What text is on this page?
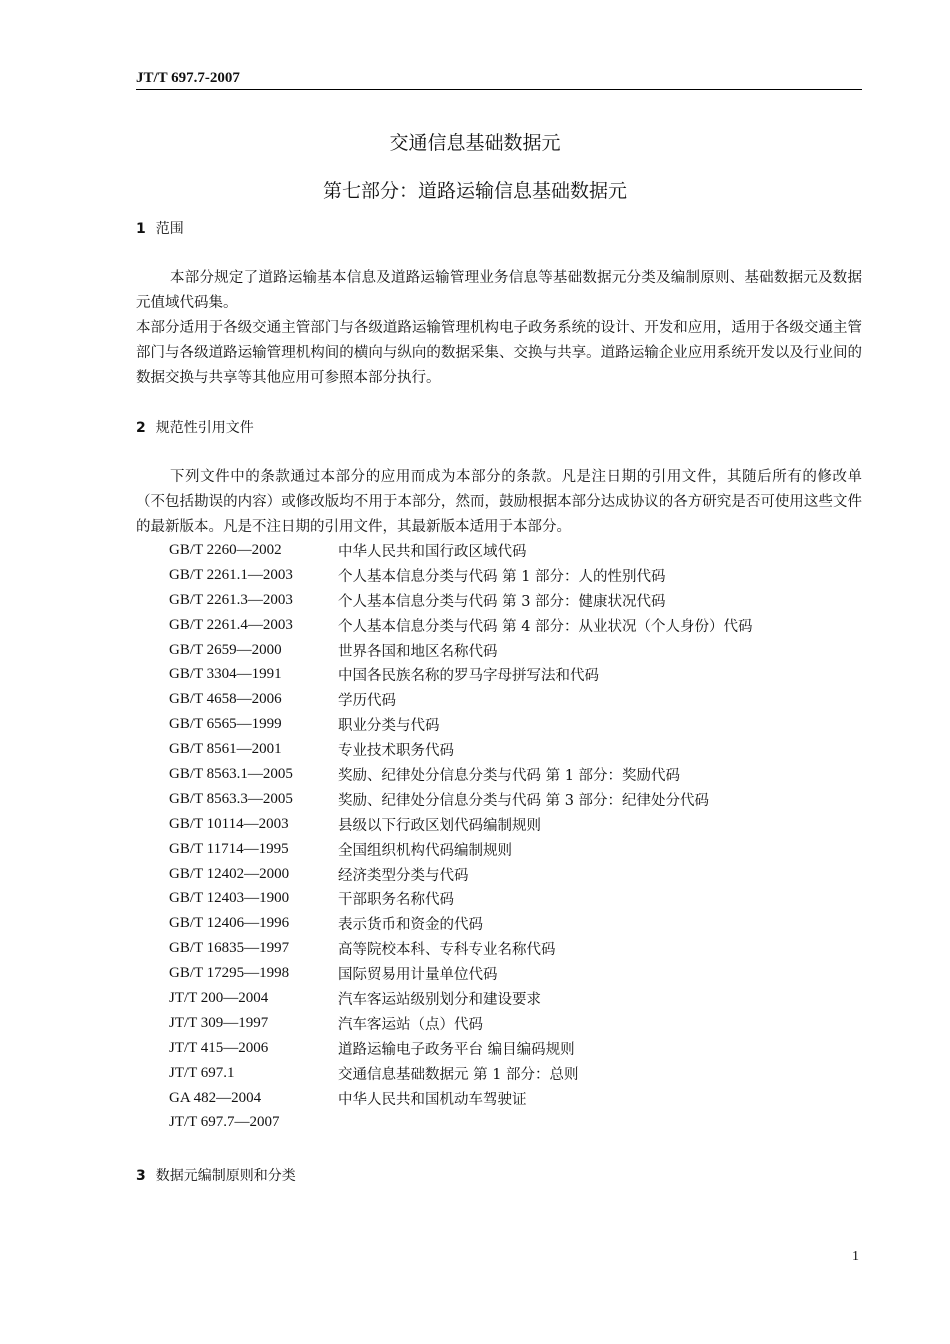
JT/T 697.7-2007
交通信息基础数据元
第七部分：道路运输信息基础数据元
1 范围
本部分规定了道路运输基本信息及道路运输管理业务信息等基础数据元分类及编制原则、基础数据元及数据元值域代码集。
本部分适用于各级交通主管部门与各级道路运输管理机构电子政务系统的设计、开发和应用，适用于各级交通主管部门与各级道路运输管理机构间的横向与纵向的数据采集、交换与共享。道路运输企业应用系统开发以及行业间的数据交换与共享等其他应用可参照本部分执行。
2 规范性引用文件
下列文件中的条款通过本部分的应用而成为本部分的条款。凡是注日期的引用文件，其随后所有的修改单（不包括勘误的内容）或修改版均不用于本部分，然而，鼓励根据本部分达成协议的各方研究是否可使用这些文件的最新版本。凡是不注日期的引用文件，其最新版本适用于本部分。
GB/T 2260—2002	中华人民共和国行政区域代码
GB/T 2261.1—2003	个人基本信息分类与代码 第 1 部分：人的性别代码
GB/T 2261.3—2003	个人基本信息分类与代码 第 3 部分：健康状况代码
GB/T 2261.4—2003	个人基本信息分类与代码 第 4 部分：从业状况（个人身份）代码
GB/T 2659—2000	世界各国和地区名称代码
GB/T 3304—1991	中国各民族名称的罗马字母拼写法和代码
GB/T 4658—2006	学历代码
GB/T 6565—1999	职业分类与代码
GB/T 8561—2001	专业技术职务代码
GB/T 8563.1—2005	奖励、纪律处分信息分类与代码 第 1 部分：奖励代码
GB/T 8563.3—2005	奖励、纪律处分信息分类与代码 第 3 部分：纪律处分代码
GB/T 10114—2003	县级以下行政区划代码编制规则
GB/T 11714—1995	全国组织机构代码编制规则
GB/T 12402—2000	经济类型分类与代码
GB/T 12403—1900	干部职务名称代码
GB/T 12406—1996	表示货币和资金的代码
GB/T 16835—1997	高等院校本科、专科专业名称代码
GB/T 17295—1998	国际贸易用计量单位代码
JT/T 200—2004	汽车客运站级别划分和建设要求
JT/T 309—1997	汽车客运站（点）代码
JT/T 415—2006	道路运输电子政务平台 编目编码规则
JT/T 697.1	交通信息基础数据元 第 1 部分：总则
GA 482—2004	中华人民共和国机动车驾驶证
JT/T 697.7—2007
3 数据元编制原则和分类
1
